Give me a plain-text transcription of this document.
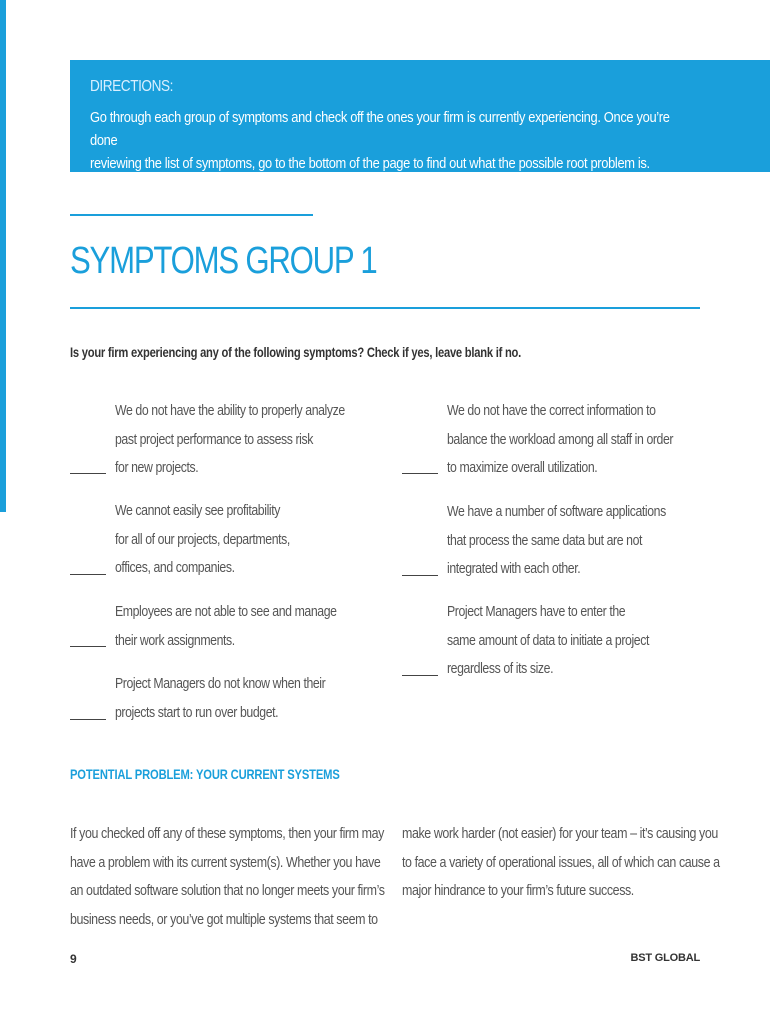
DIRECTIONS:
Go through each group of symptoms and check off the ones your firm is currently experiencing. Once you’re done
reviewing the list of symptoms, go to the bottom of the page to find out what the possible root problem is.
SYMPTOMS GROUP 1
Is your firm experiencing any of the following symptoms? Check if yes, leave blank if no.
We do not have the ability to properly analyze
past project performance to assess risk
for new projects.
We cannot easily see profitability
for all of our projects, departments,
offices, and companies.
Employees are not able to see and manage
their work assignments.
Project Managers do not know when their
projects start to run over budget.
We do not have the correct information to
balance the workload among all staff in order
to maximize overall utilization.
We have a number of software applications
that process the same data but are not
integrated with each other.
Project Managers have to enter the
same amount of data to initiate a project
regardless of its size.
POTENTIAL PROBLEM: YOUR CURRENT SYSTEMS
If you checked off any of these symptoms, then your firm may
have a problem with its current system(s). Whether you have
an outdated software solution that no longer meets your firm’s
business needs, or you’ve got multiple systems that seem to
make work harder (not easier) for your team – it’s causing you
to face a variety of operational issues, all of which can cause a
major hindrance to your firm’s future success.
9	BST GLOBAL
